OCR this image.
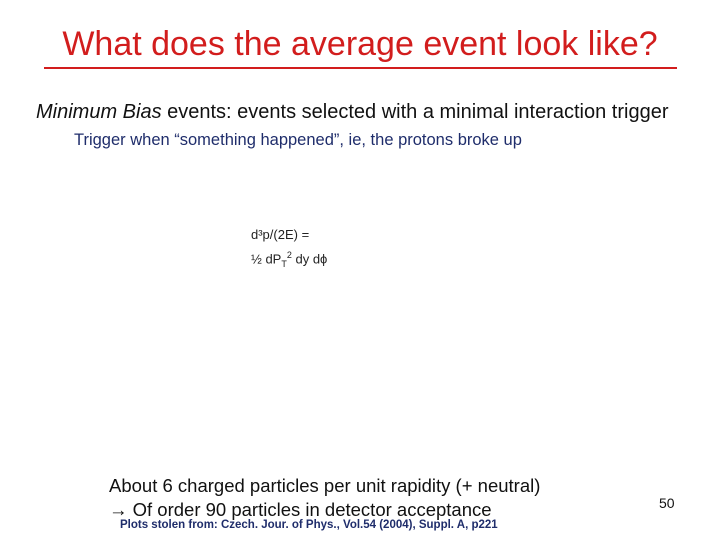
What does the average event look like?
Minimum Bias events: events selected with a minimal interaction trigger
Trigger when “something happened”, ie, the protons broke up
d³p/(2E) =
½ $dP_T^2$ dy dϕ
About 6 charged particles per unit rapidity (+ neutral)
→ Of order 90 particles in detector acceptance
Plots stolen from: Czech. Jour. of Phys., Vol.54 (2004), Suppl. A, p221
50
